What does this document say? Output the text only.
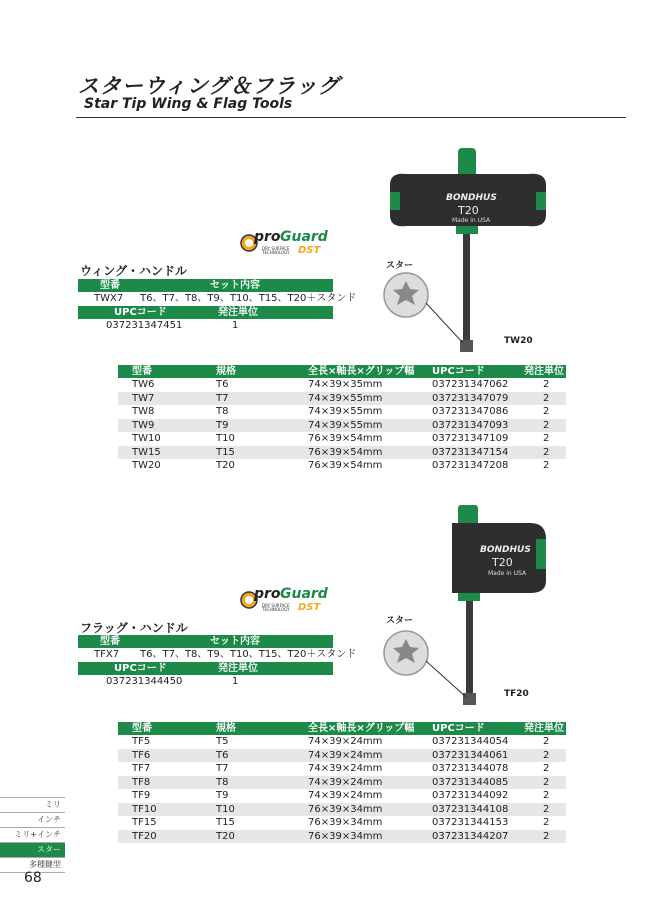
スターウィング＆フラッグ
Star Tip Wing & Flag Tools
pro Guard
DRY SURFACE
TECHNOLOGY DST
ウィング・ハンドル
型番	セット内容
TWX7 T6、T7、T8、T9、T10、T15、T20＋スタンド
UPCコード	発注単位
037231347451	1
BONDHUS
T20
Made in USA
スター
TW20
型番	規格	全長×軸長×グリップ幅 UPCコード	発注単位
TW6	T6	74×39×35mm	037231347062	2
TW7	T7	74×39×55mm	037231347079	2
TW8	T8	74×39×55mm	037231347086	2
TW9	T9	74×39×55mm	037231347093	2
TW10	T10	76×39×54mm	037231347109	2
TW15	T15	76×39×54mm	037231347154	2
TW20	T20	76×39×54mm	037231347208	2
pro Guard
DRY SURFACE
TECHNOLOGY DST
フラッグ・ハンドル
型番	セット内容
TFX7 T6、T7、T8、T9、T10、T15、T20＋スタンド
UPCコード	発注単位
037231344450	1
BONDHUS
T20
Made in USA
スター
TF20
型番	規格	全長×軸長×グリップ幅 UPCコード	発注単位
TF5	T5	74×39×24mm	037231344054	2
TF6	T6	74×39×24mm	037231344061	2
TF7	T7	74×39×24mm	037231344078	2
TF8	T8	74×39×24mm	037231344085	2
TF9	T9	74×39×24mm	037231344092	2
TF10	T10	76×39×34mm	037231344108	2
TF15	T15	76×39×34mm	037231344153	2
TF20	T20	76×39×34mm	037231344207	2
ミリ
インチ
ミリ+インチ
スター
多種鍵型
68
